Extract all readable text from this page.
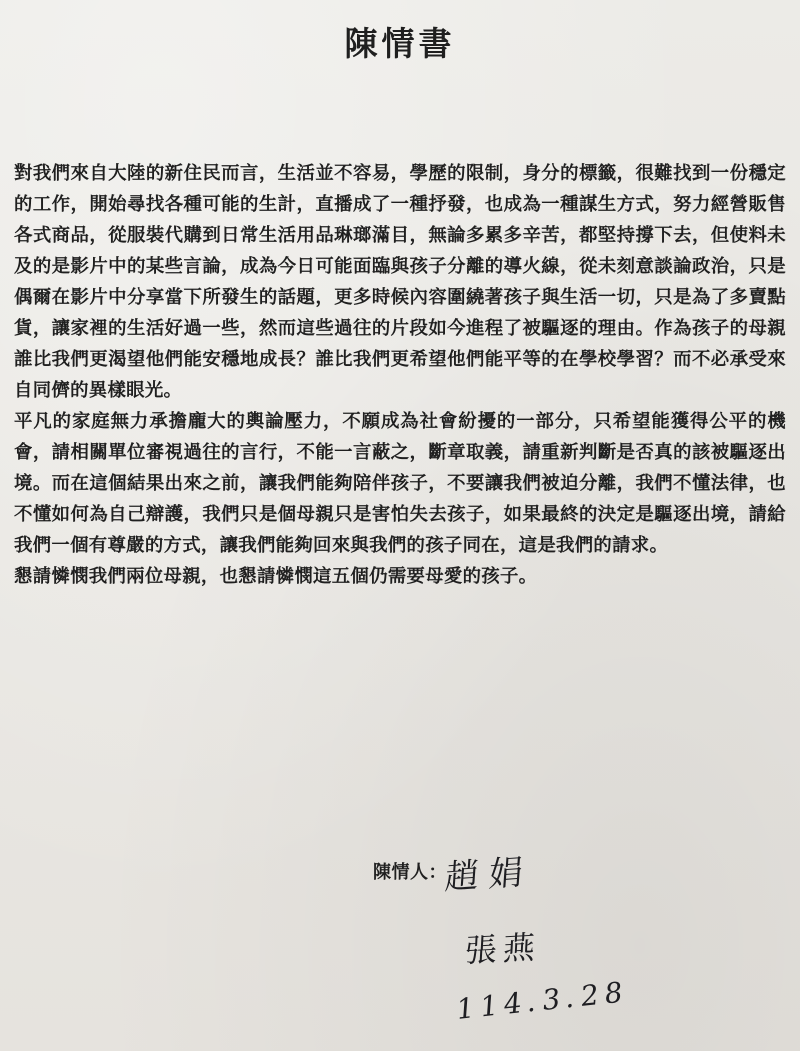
陳情書

對我們來自大陸的新住民而言，生活並不容易，學歷的限制，身分的標籤，很難找到一份穩定的工作，開始尋找各種可能的生計，直播成了一種抒發，也成為一種謀生方式，努力經營販售各式商品，從服裝代購到日常生活用品琳瑯滿目，無論多累多辛苦，都堅持撐下去，但使料未及的是影片中的某些言論，成為今日可能面臨與孩子分離的導火線，從未刻意談論政治，只是偶爾在影片中分享當下所發生的話題，更多時候內容圍繞著孩子與生活一切，只是為了多賣點貨，讓家裡的生活好過一些，然而這些過往的片段如今進程了被驅逐的理由。作為孩子的母親誰比我們更渴望他們能安穩地成長？誰比我們更希望他們能平等的在學校學習？而不必承受來自同儕的異樣眼光。

平凡的家庭無力承擔龐大的輿論壓力，不願成為社會紛擾的一部分，只希望能獲得公平的機會，請相關單位審視過往的言行，不能一言蔽之，斷章取義，請重新判斷是否真的該被驅逐出境。而在這個結果出來之前，讓我們能夠陪伴孩子，不要讓我們被迫分離，我們不懂法律，也不懂如何為自己辯護，我們只是個母親只是害怕失去孩子，如果最終的決定是驅逐出境，請給我們一個有尊嚴的方式，讓我們能夠回來與我們的孩子同在，這是我們的請求。

懇請憐憫我們兩位母親，也懇請憐憫這五個仍需要母愛的孩子。

陳情人：
趙娟
張燕
114.3.28
